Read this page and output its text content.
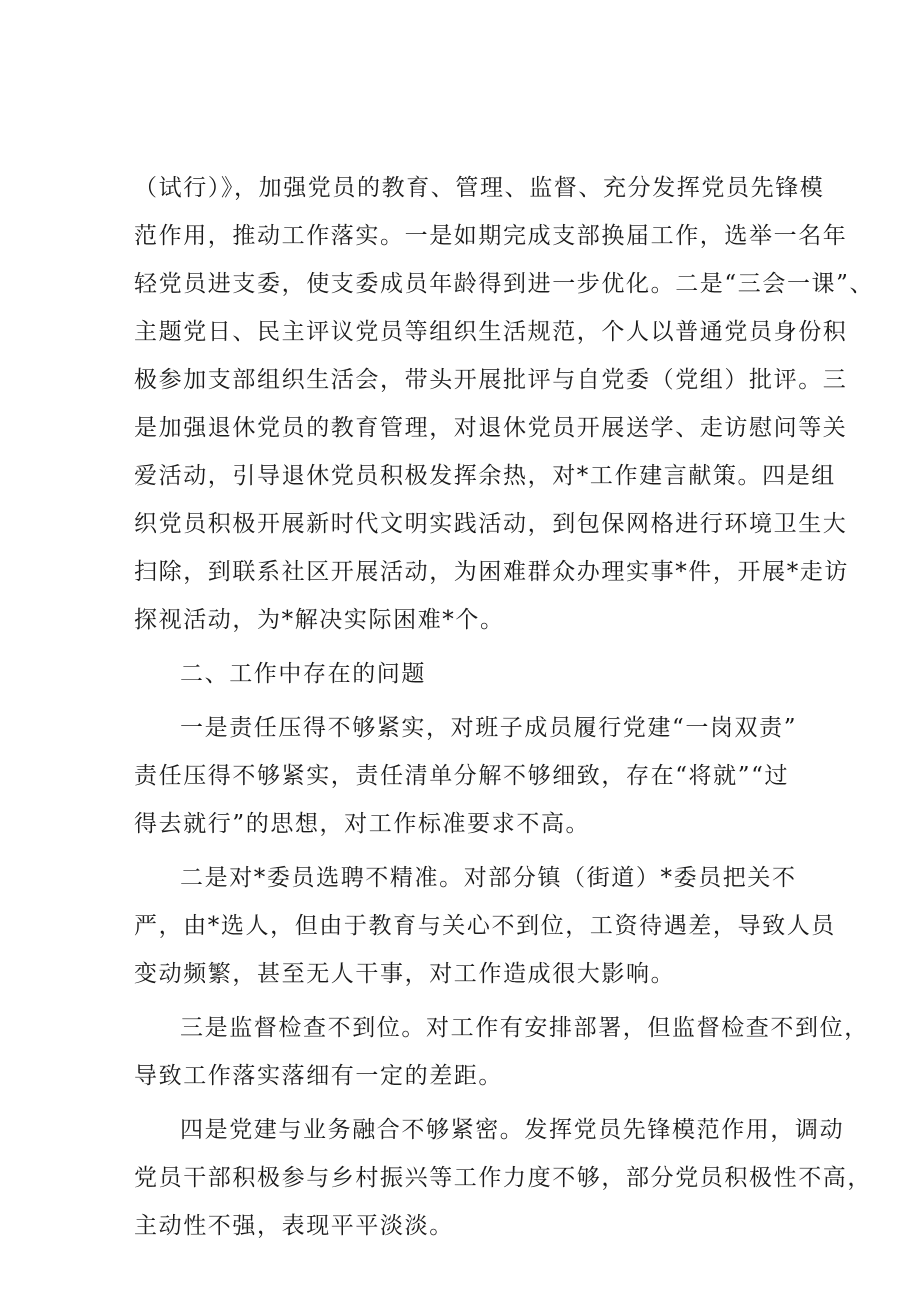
（试行）》，加强党员的教育、管理、监督、充分发挥党员先锋模
范作用，推动工作落实。一是如期完成支部换届工作，选举一名年
轻党员进支委，使支委成员年龄得到进一步优化。二是“三会一课”、
主题党日、民主评议党员等组织生活规范，个人以普通党员身份积
极参加支部组织生活会，带头开展批评与自党委（党组）批评。三
是加强退休党员的教育管理，对退休党员开展送学、走访慰问等关
爱活动，引导退休党员积极发挥余热，对*工作建言献策。四是组
织党员积极开展新时代文明实践活动，到包保网格进行环境卫生大
扫除，到联系社区开展活动，为困难群众办理实事*件，开展*走访
探视活动，为*解决实际困难*个。
二、工作中存在的问题
一是责任压得不够紧实，对班子成员履行党建“一岗双责”
责任压得不够紧实，责任清单分解不够细致，存在“将就”“过
得去就行”的思想，对工作标准要求不高。
二是对*委员选聘不精准。对部分镇（街道）*委员把关不
严，由*选人，但由于教育与关心不到位，工资待遇差，导致人员
变动频繁，甚至无人干事，对工作造成很大影响。
三是监督检查不到位。对工作有安排部署，但监督检查不到位，
导致工作落实落细有一定的差距。
四是党建与业务融合不够紧密。发挥党员先锋模范作用，调动
党员干部积极参与乡村振兴等工作力度不够，部分党员积极性不高，
主动性不强，表现平平淡淡。
